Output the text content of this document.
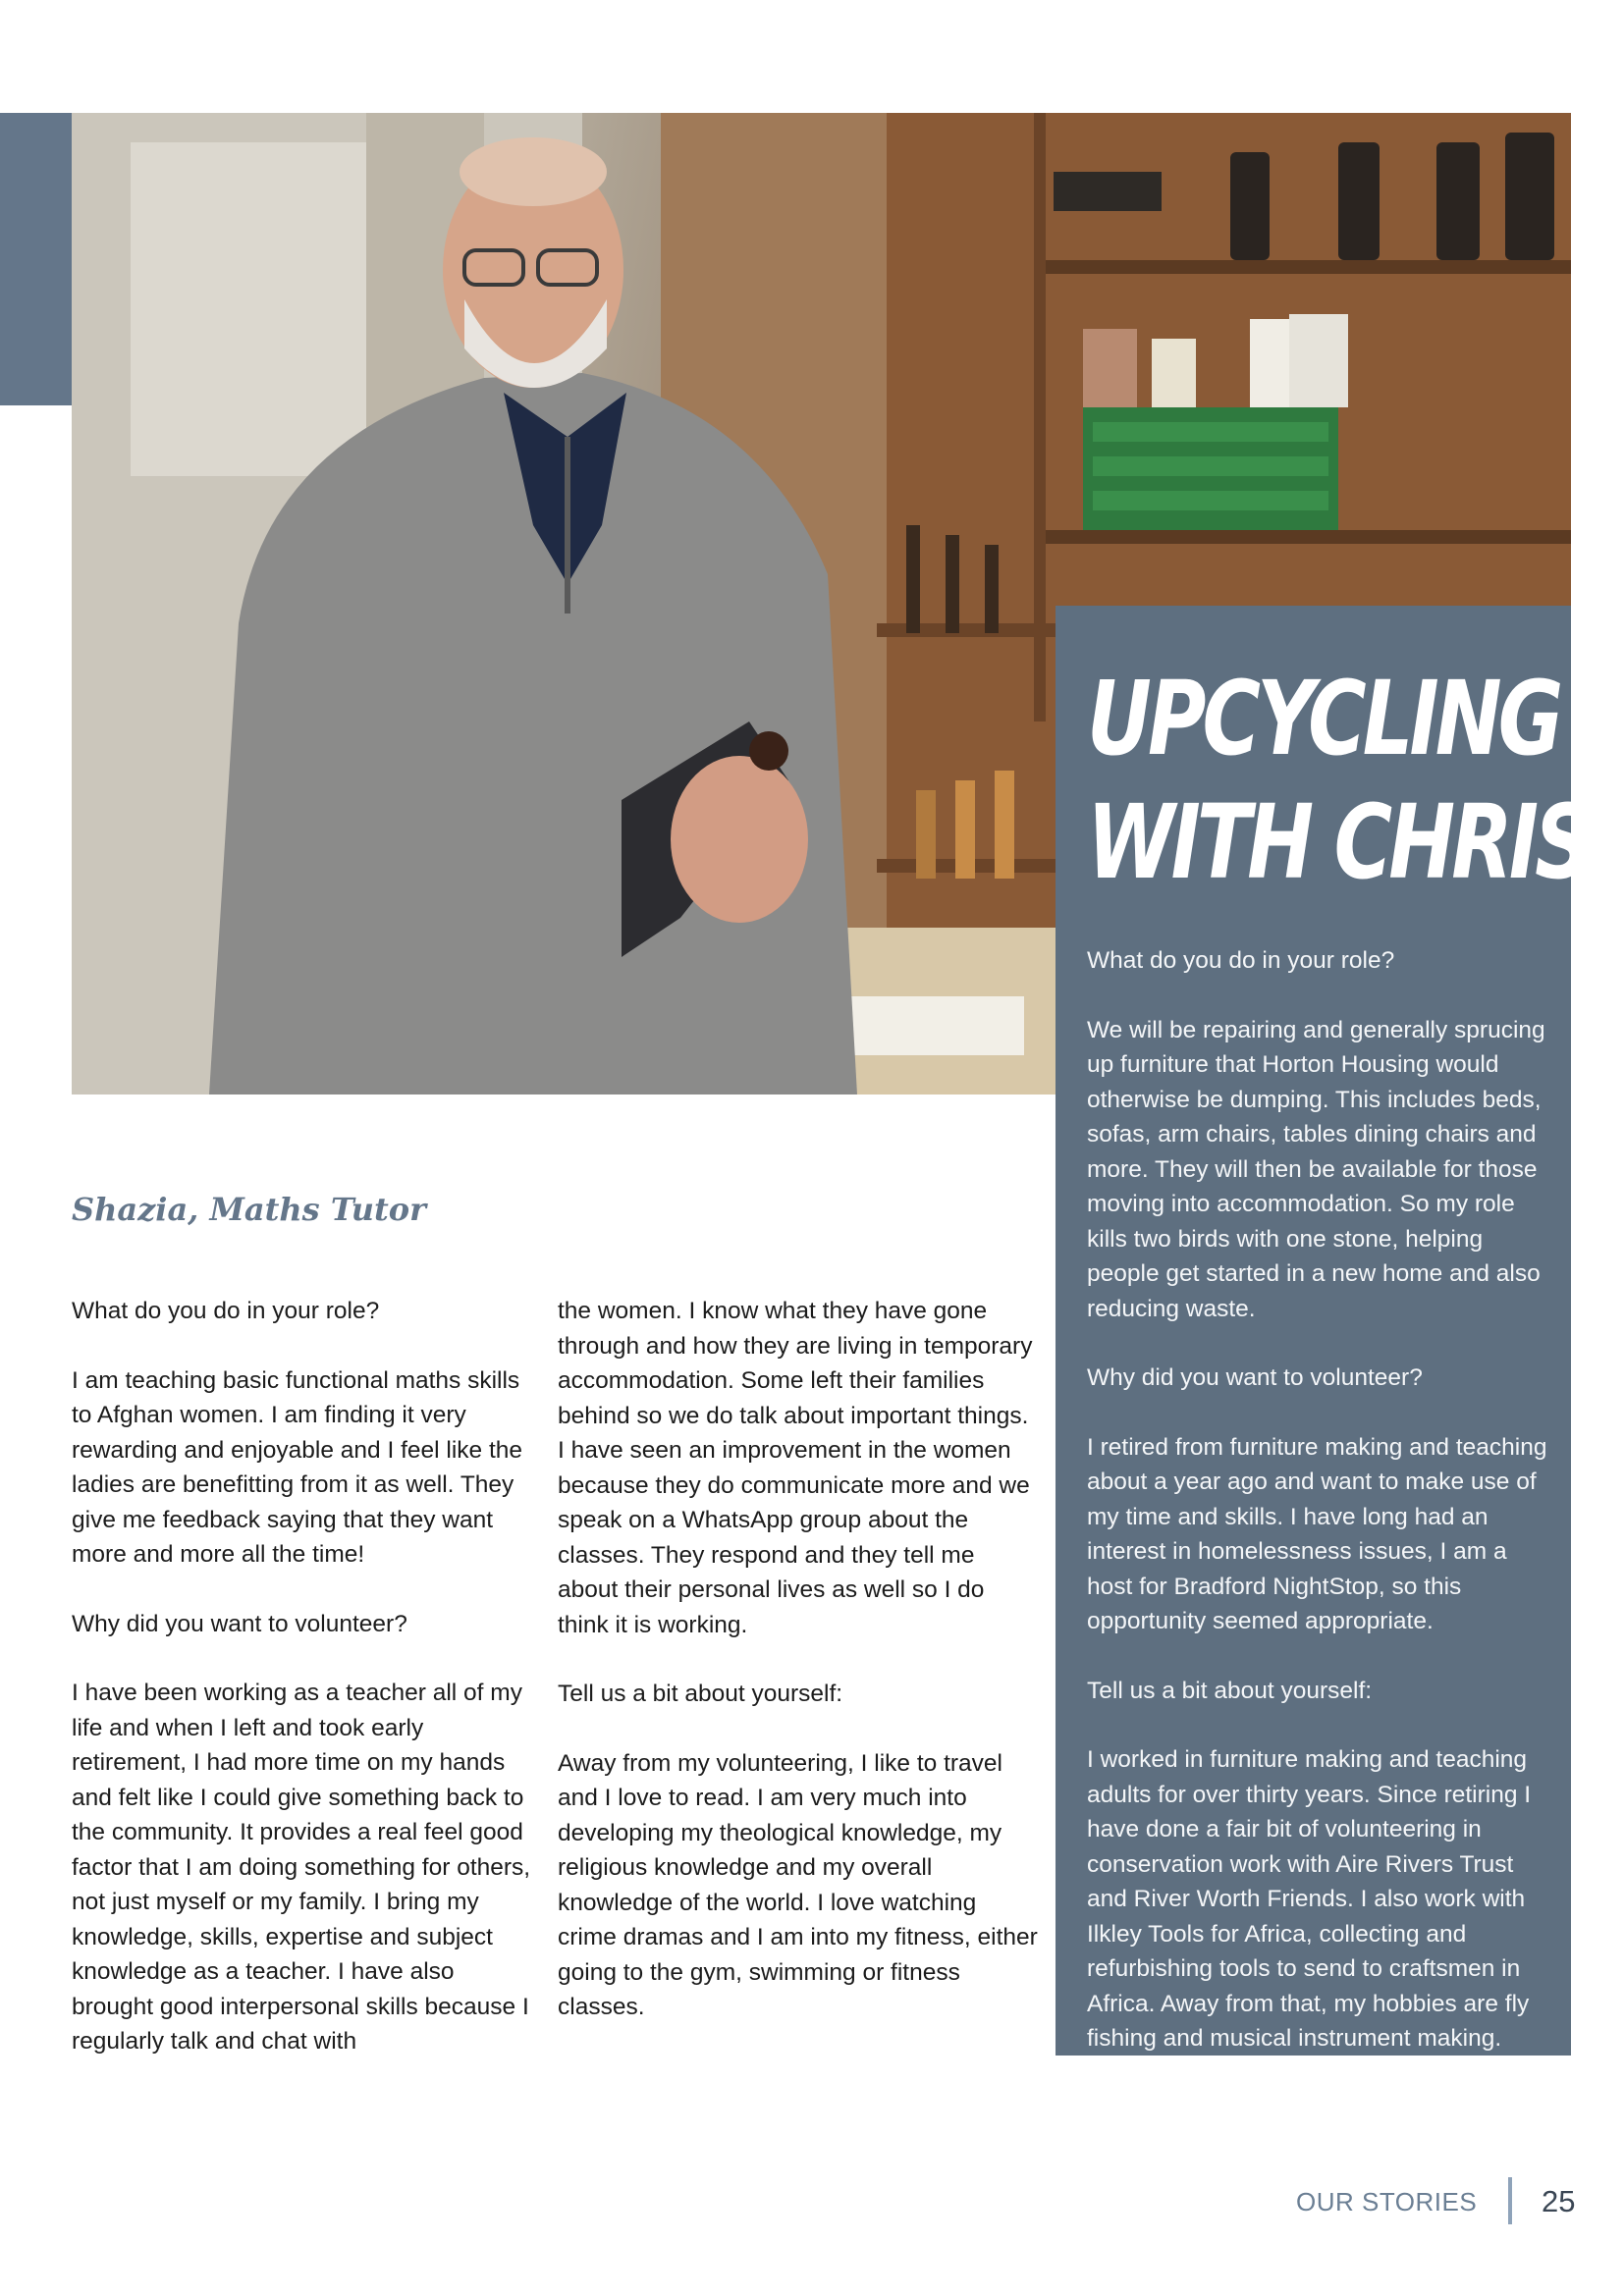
UPCYCLING
WITH CHRIS

What do you do in your role?

We will be repairing and generally sprucing up furniture that Horton Housing would otherwise be dumping. This includes beds, sofas, arm chairs, tables dining chairs and more. They will then be available for those moving into accommodation. So my role kills two birds with one stone, helping people get started in a new home and also reducing waste.

Why did you want to volunteer?

I retired from furniture making and teaching about a year ago and want to make use of my time and skills. I have long had an interest in homelessness issues, I am a host for Bradford NightStop, so this opportunity seemed appropriate.

Tell us a bit about yourself:

I worked in furniture making and teaching adults for over thirty years. Since retiring I have done a fair bit of volunteering in conservation work with Aire Rivers Trust and River Worth Friends. I also work with Ilkley Tools for Africa, collecting and refurbishing tools to send to craftsmen in Africa. Away from that, my hobbies are fly fishing and musical instrument making.

Shazia, Maths Tutor

What do you do in your role?

I am teaching basic functional maths skills to Afghan women. I am finding it very rewarding and enjoyable and I feel like the ladies are benefitting from it as well. They give me feedback saying that they want more and more all the time!

Why did you want to volunteer?

I have been working as a teacher all of my life and when I left and took early retirement, I had more time on my hands and felt like I could give something back to the community. It provides a real feel good factor that I am doing something for others, not just myself or my family. I bring my knowledge, skills, expertise and subject knowledge as a teacher. I have also brought good interpersonal skills because I regularly talk and chat with

the women. I know what they have gone through and how they are living in temporary accommodation. Some left their families behind so we do talk about important things. I have seen an improvement in the women because they do communicate more and we speak on a WhatsApp group about the classes. They respond and they tell me about their personal lives as well so I do think it is working.

Tell us a bit about yourself:

Away from my volunteering, I like to travel and I love to read. I am very much into developing my theological knowledge, my religious knowledge and my overall knowledge of the world. I love watching crime dramas and I am into my fitness, either going to the gym, swimming or fitness classes.

OUR STORIES 25
